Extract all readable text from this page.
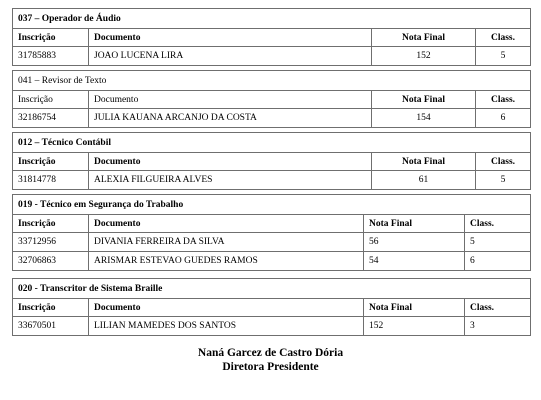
037 – Operador de Áudio			
Inscrição	Documento	Nota Final	Class.
31785883	JOAO LUCENA LIRA	152	5
041 – Revisor de Texto			
Inscrição	Documento	Nota Final	Class.
32186754	JULIA KAUANA ARCANJO DA COSTA	154	6
012 – Técnico Contábil			
Inscrição	Documento	Nota Final	Class.
31814778	ALEXIA FILGUEIRA ALVES	61	5
019 - Técnico em Segurança do Trabalho			
Inscrição	Documento	Nota Final	Class.
33712956	DIVANIA FERREIRA DA SILVA	56	5
32706863	ARISMAR ESTEVAO GUEDES RAMOS	54	6
020 - Transcritor de Sistema Braille			
Inscrição	Documento	Nota Final	Class.
33670501	LILIAN MAMEDES DOS SANTOS	152	3
Naná Garcez de Castro Dória
Diretora Presidente
